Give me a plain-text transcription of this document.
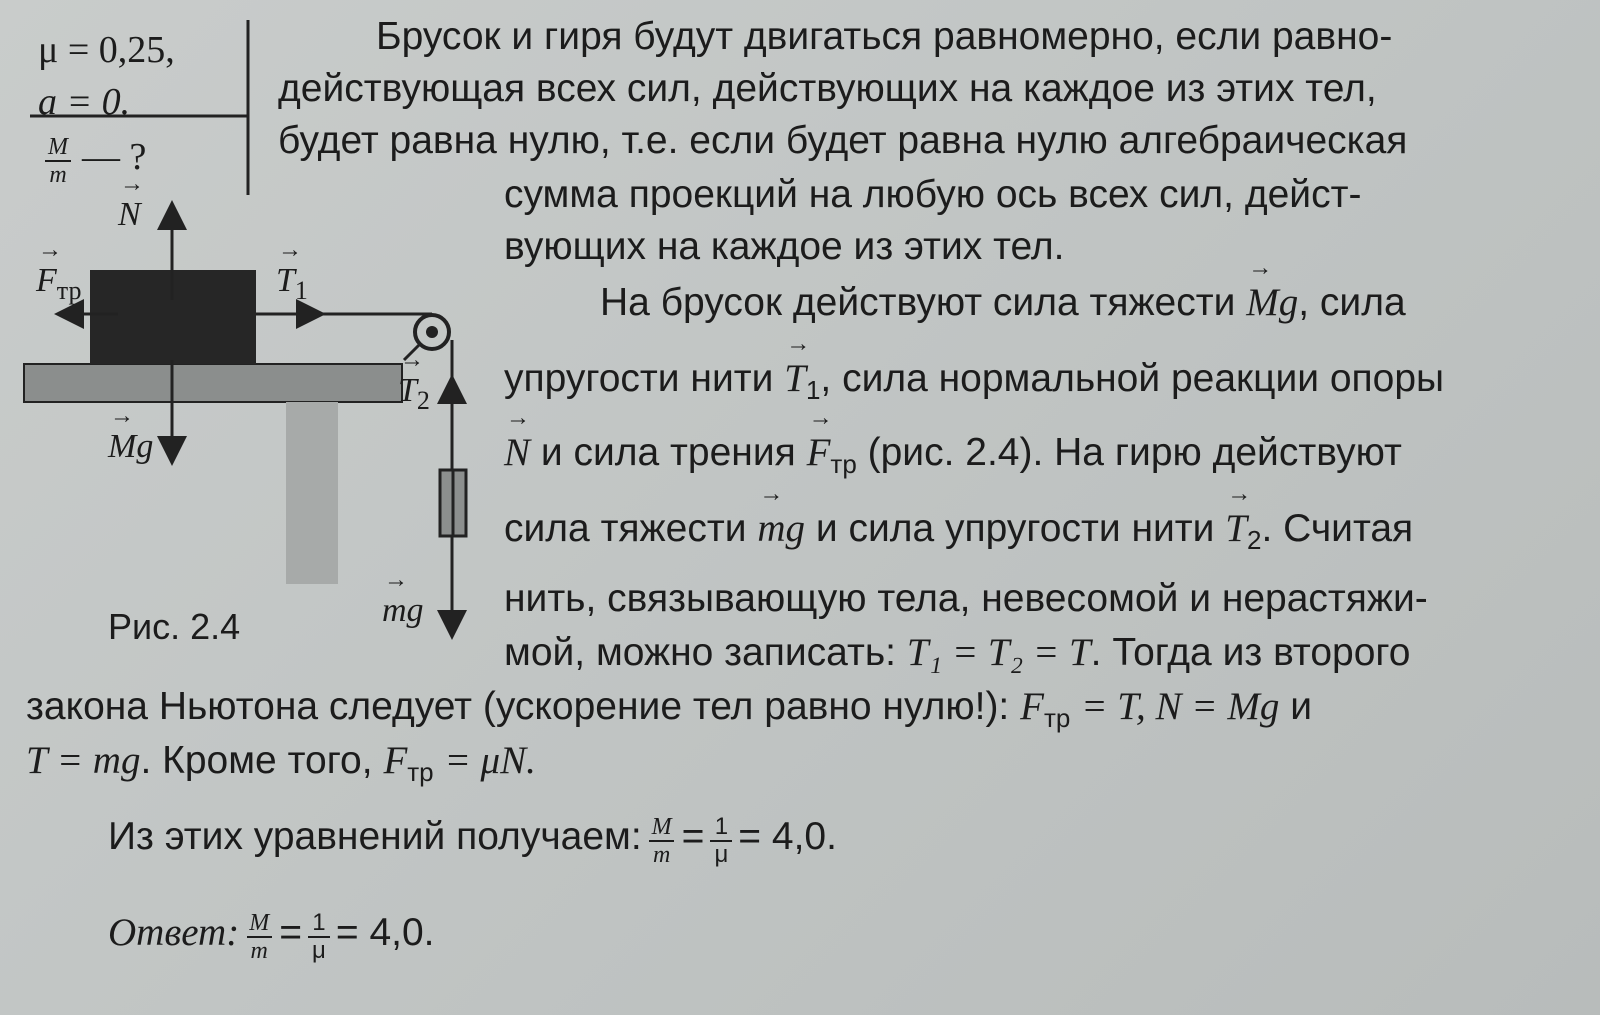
μ = 0,25,
a = 0.
$\frac{M}{m}$ — ?
→ N
→ $F_{тр}$	→ $T_1$
→ $T_2$
→ Mg
→ mg
Рис. 2.4
Брусок и гиря будут двигаться равномерно, если равно-
действующая всех сил, действующих на каждое из этих тел,
будет равна нулю, т.е. если будет равна нулю алгебраическая
сумма проекций на любую ось всех сил, дейст-
вующих на каждое из этих тел.
На брусок действуют сила тяжести → Mg, сила
упругости нити → $T_1$, сила нормальной реакции опоры
→ N и сила трения → $F_{тр}$ (рис. 2.4). На гирю действуют
сила тяжести → mg и сила упругости нити → $T_2$. Считая
нить, связывающую тела, невесомой и нерастяжи-
мой, можно записать: T₁ = T₂ = T. Тогда из второго
закона Ньютона следует (ускорение тел равно нулю!): $F_{тр} = T$, N = Mg и
T = mg. Кроме того, $F_{тр} = \mu N$.
Из этих уравнений получаем: $\frac{M}{m} = \frac{1}{\mu} = 4,0$.
Ответ: $\frac{M}{m} = \frac{1}{\mu} = 4,0$.
